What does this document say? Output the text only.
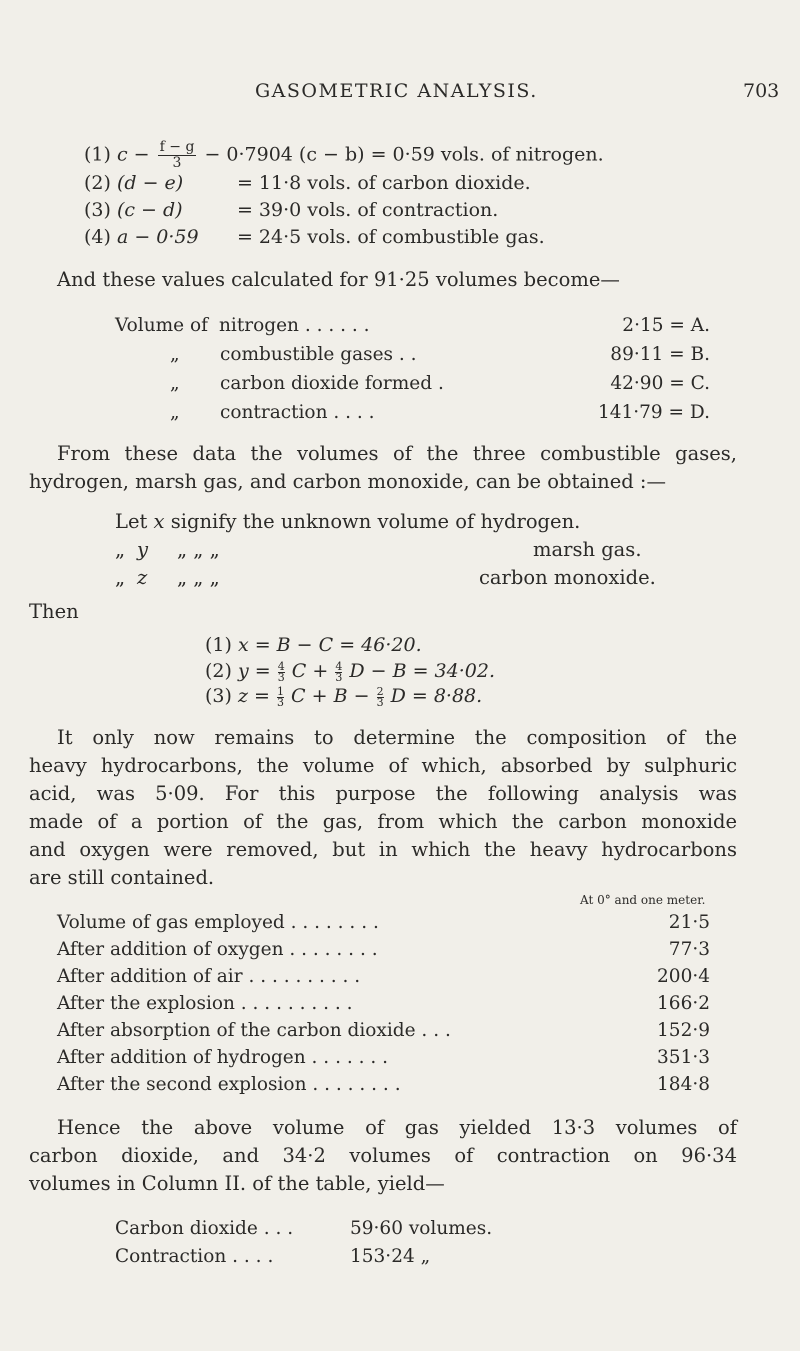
GASOMETRIC ANALYSIS.	703
(1) $c - \frac{f - g}{3} - 0\cdot 7904$ (c − b) = 0·59 vols. of nitrogen.
(2) (d − e)	= 11·8 vols. of carbon dioxide.
(3) (c − d)	= 39·0 vols. of contraction.
(4) a − 0·59 = 24·5 vols. of combustible gas.
And these values calculated for 91·25 volumes become—
Volume of nitrogen . . . . . .	2·15 = A.
„ combustible gases . .	89·11 = B.
„ carbon dioxide formed .	42·90 = C.
„ contraction . . . .	141·79 = D.
From these data the volumes of the three combustible gases,
hydrogen, marsh gas, and carbon monoxide, can be obtained :—
Let x signify the unknown volume of hydrogen.
„ y „ „ „	marsh gas.
„ z „ „ „	carbon monoxide.
Then
(1) x = B − C = 46·20.
(2) $y = \frac{4}{3}$ $C + \frac{4}{3}$ D − B = 34·02.
(3) $z = \frac{1}{3}$ $C + B - \frac{2}{3}$ D = 8·88.
It only now remains to determine the composition of the
heavy hydrocarbons, the volume of which, absorbed by sulphuric
acid, was 5·09. For this purpose the following analysis was
made of a portion of the gas, from which the carbon monoxide
and oxygen were removed, but in which the heavy hydrocarbons
are still contained.
At 0° and one meter.
Volume of gas employed . . . . . . . .	21·5
After addition of oxygen . . . . . . . .	77·3
After addition of air . . . . . . . . . .	200·4
After the explosion . . . . . . . . . .	166·2
After absorption of the carbon dioxide . . .	152·9
After addition of hydrogen . . . . . . .	351·3
After the second explosion . . . . . . . .	184·8
Hence the above volume of gas yielded 13·3 volumes of
carbon dioxide, and 34·2 volumes of contraction on 96·34
volumes in Column II. of the table, yield—
Carbon dioxide . . .	59·60 volumes.
Contraction . . . .	153·24 „
